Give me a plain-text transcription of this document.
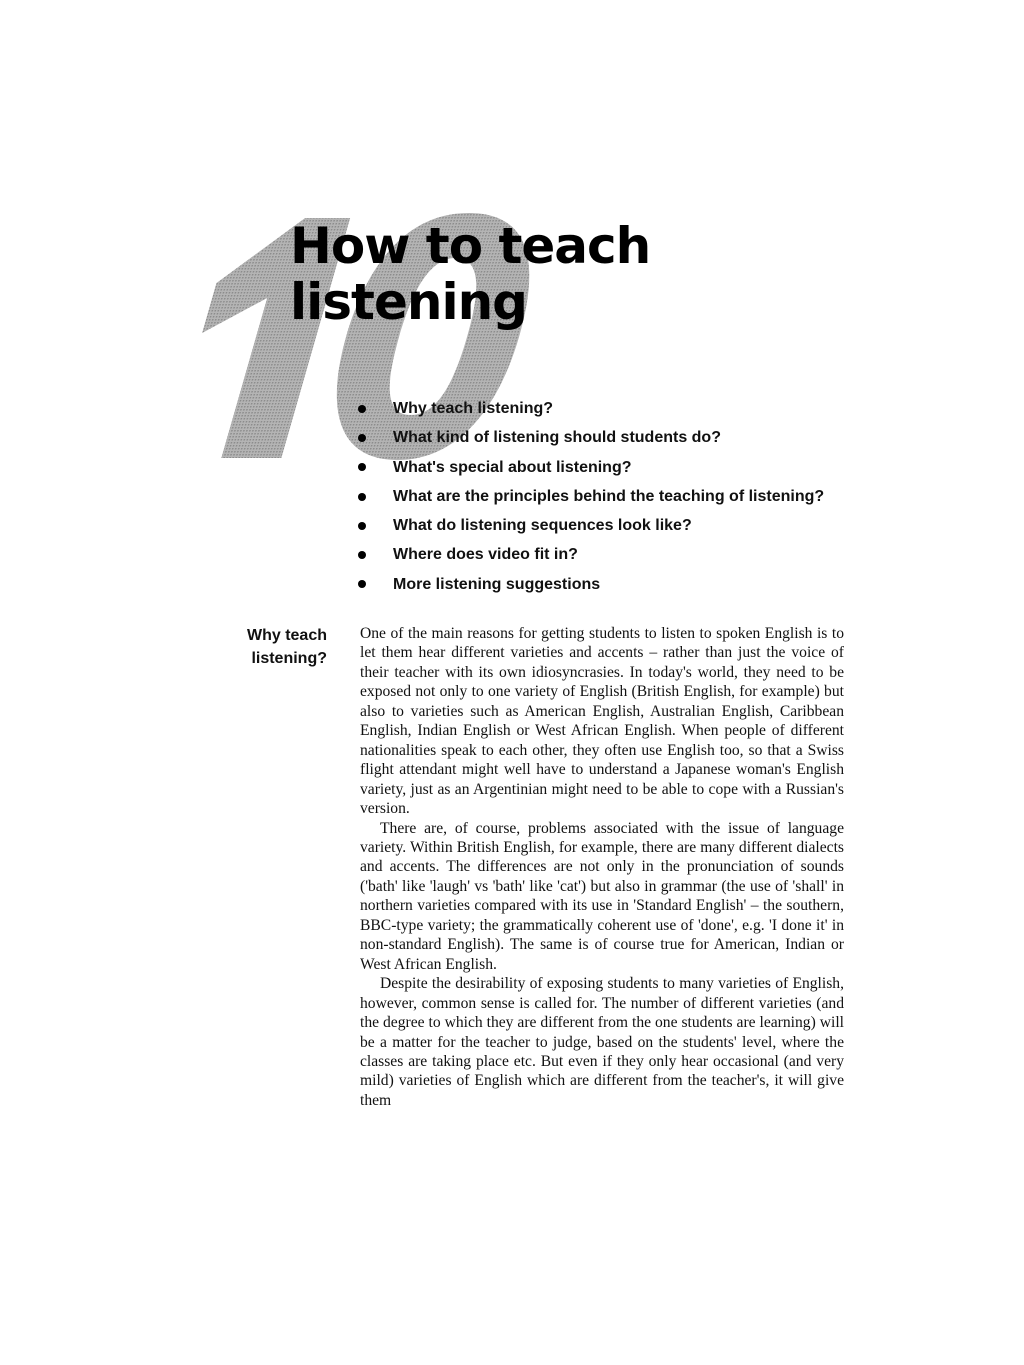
How to teach
listening
Why teach listening?
What kind of listening should students do?
What's special about listening?
What are the principles behind the teaching of listening?
What do listening sequences look like?
Where does video fit in?
More listening suggestions
Why teach
listening?

One of the main reasons for getting students to listen to spoken English is to let them hear different varieties and accents – rather than just the voice of their teacher with its own idiosyncrasies. In today's world, they need to be exposed not only to one variety of English (British English, for example) but also to varieties such as American English, Australian English, Caribbean English, Indian English or West African English. When people of different nationalities speak to each other, they often use English too, so that a Swiss flight attendant might well have to understand a Japanese woman's English variety, just as an Argentinian might need to be able to cope with a Russian's version.

There are, of course, problems associated with the issue of language variety. Within British English, for example, there are many different dialects and accents. The differences are not only in the pronunciation of sounds ('bath' like 'laugh' vs 'bath' like 'cat') but also in grammar (the use of 'shall' in northern varieties compared with its use in 'Standard English' – the southern, BBC-type variety; the grammatically coherent use of 'done', e.g. 'I done it' in non-standard English). The same is of course true for American, Indian or West African English.

Despite the desirability of exposing students to many varieties of English, however, common sense is called for. The number of different varieties (and the degree to which they are different from the one students are learning) will be a matter for the teacher to judge, based on the students' level, where the classes are taking place etc. But even if they only hear occasional (and very mild) varieties of English which are different from the teacher's, it will give them
